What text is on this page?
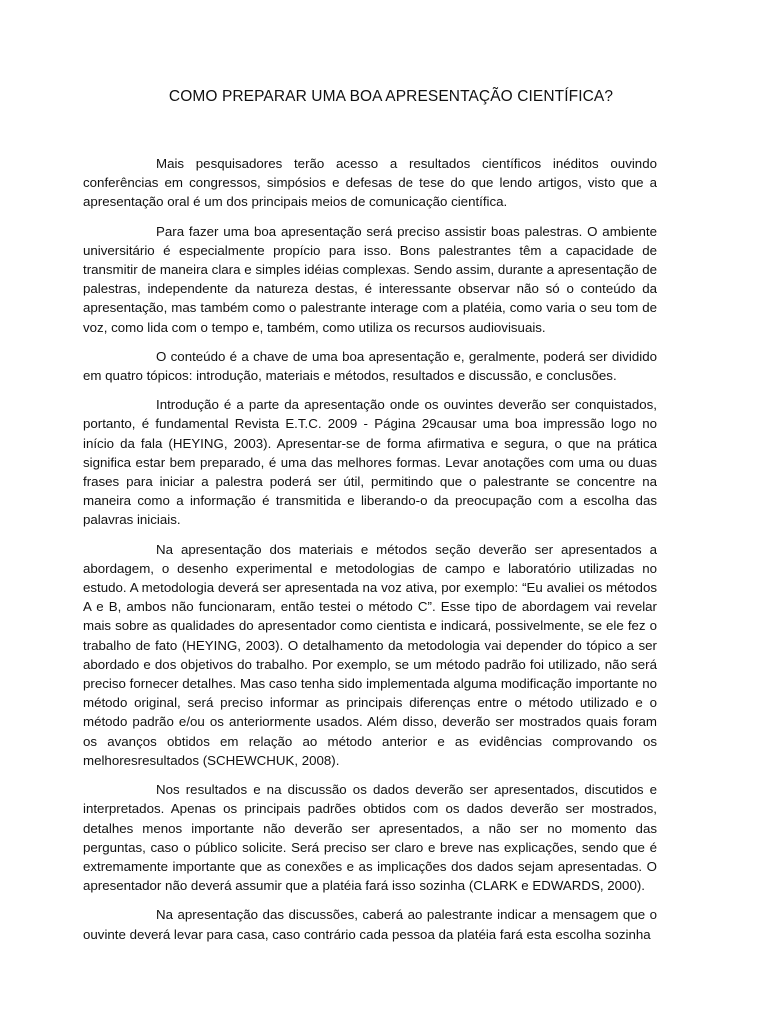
COMO PREPARAR UMA BOA APRESENTAÇÃO CIENTÍFICA?

Mais pesquisadores terão acesso a resultados científicos inéditos ouvindo conferências em congressos, simpósios e defesas de tese do que lendo artigos, visto que a apresentação oral é um dos principais meios de comunicação científica.

Para fazer uma boa apresentação será preciso assistir boas palestras. O ambiente universitário é especialmente propício para isso. Bons palestrantes têm a capacidade de transmitir de maneira clara e simples idéias complexas. Sendo assim, durante a apresentação de palestras, independente da natureza destas, é interessante observar não só o conteúdo da apresentação, mas também como o palestrante interage com a platéia, como varia o seu tom de voz, como lida com o tempo e, também, como utiliza os recursos audiovisuais.

O conteúdo é a chave de uma boa apresentação e, geralmente, poderá ser dividido em quatro tópicos: introdução, materiais e métodos, resultados e discussão, e conclusões.

Introdução é a parte da apresentação onde os ouvintes deverão ser conquistados, portanto, é fundamental Revista E.T.C. 2009 - Página 29causar uma boa impressão logo no início da fala (HEYING, 2003). Apresentar-se de forma afirmativa e segura, o que na prática significa estar bem preparado, é uma das melhores formas. Levar anotações com uma ou duas frases para iniciar a palestra poderá ser útil, permitindo que o palestrante se concentre na maneira como a informação é transmitida e liberando-o da preocupação com a escolha das palavras iniciais.

Na apresentação dos materiais e métodos seção deverão ser apresentados a abordagem, o desenho experimental e metodologias de campo e laboratório utilizadas no estudo. A metodologia deverá ser apresentada na voz ativa, por exemplo: “Eu avaliei os métodos A e B, ambos não funcionaram, então testei o método C”. Esse tipo de abordagem vai revelar mais sobre as qualidades do apresentador como cientista e indicará, possivelmente, se ele fez o trabalho de fato (HEYING, 2003). O detalhamento da metodologia vai depender do tópico a ser abordado e dos objetivos do trabalho. Por exemplo, se um método padrão foi utilizado, não será preciso fornecer detalhes. Mas caso tenha sido implementada alguma modificação importante no método original, será preciso informar as principais diferenças entre o método utilizado e o método padrão e/ou os anteriormente usados. Além disso, deverão ser mostrados quais foram os avanços obtidos em relação ao método anterior e as evidências comprovando os melhoresresultados (SCHEWCHUK, 2008).

Nos resultados e na discussão os dados deverão ser apresentados, discutidos e interpretados. Apenas os principais padrões obtidos com os dados deverão ser mostrados, detalhes menos importante não deverão ser apresentados, a não ser no momento das perguntas, caso o público solicite. Será preciso ser claro e breve nas explicações, sendo que é extremamente importante que as conexões e as implicações dos dados sejam apresentadas. O apresentador não deverá assumir que a platéia fará isso sozinha (CLARK e EDWARDS, 2000).

Na apresentação das discussões, caberá ao palestrante indicar a mensagem que o ouvinte deverá levar para casa, caso contrário cada pessoa da platéia fará esta escolha sozinha
